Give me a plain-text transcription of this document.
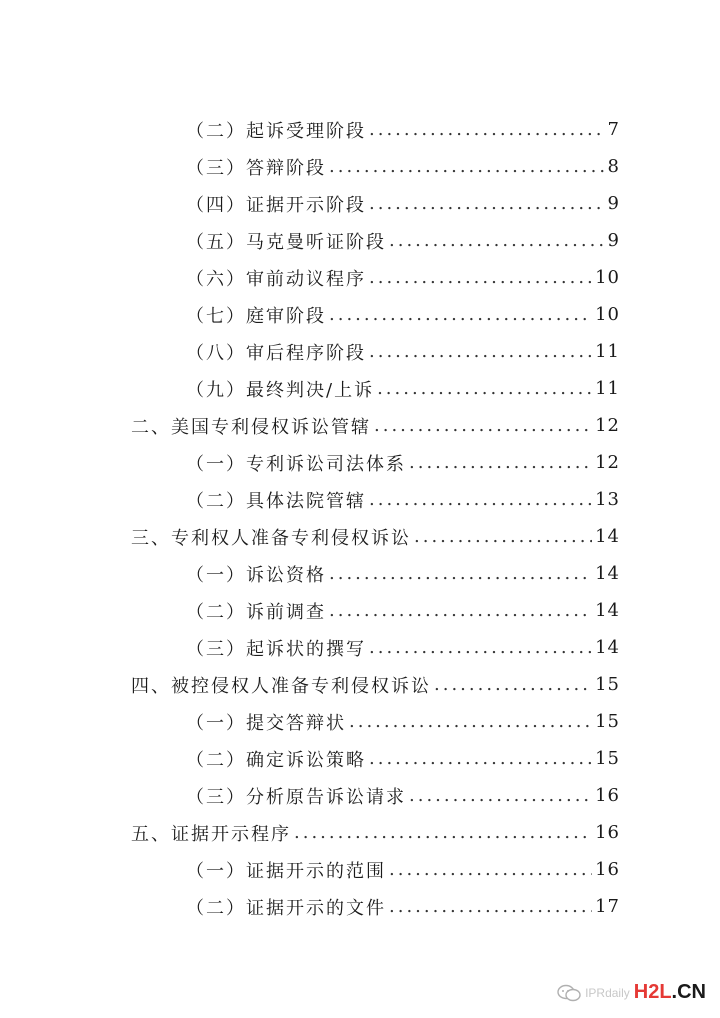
（二） 起诉受理阶段 .....	7
（三） 答辩阶段 .....	8
（四） 证据开示阶段 .....	9
（五） 马克曼听证阶段 .....	9
（六） 审前动议程序 .....	10
（七） 庭审阶段 .....	10
（八） 审后程序阶段 .....	11
（九） 最终判决/上诉 .....	11
二、 美国专利侵权诉讼管辖 .....	12
（一） 专利诉讼司法体系 .....	12
（二） 具体法院管辖 .....	13
三、 专利权人准备专利侵权诉讼 .....	14
（一） 诉讼资格 .....	14
（二） 诉前调查 .....	14
（三） 起诉状的撰写 .....	14
四、 被控侵权人准备专利侵权诉讼 .....	15
（一） 提交答辩状 .....	15
（二） 确定诉讼策略 .....	15
（三） 分析原告诉讼请求 .....	16
五、 证据开示程序 .....	16
（一） 证据开示的范围 .....	16
（二） 证据开示的文件 .....	17
IPRdaily H2L . CN
